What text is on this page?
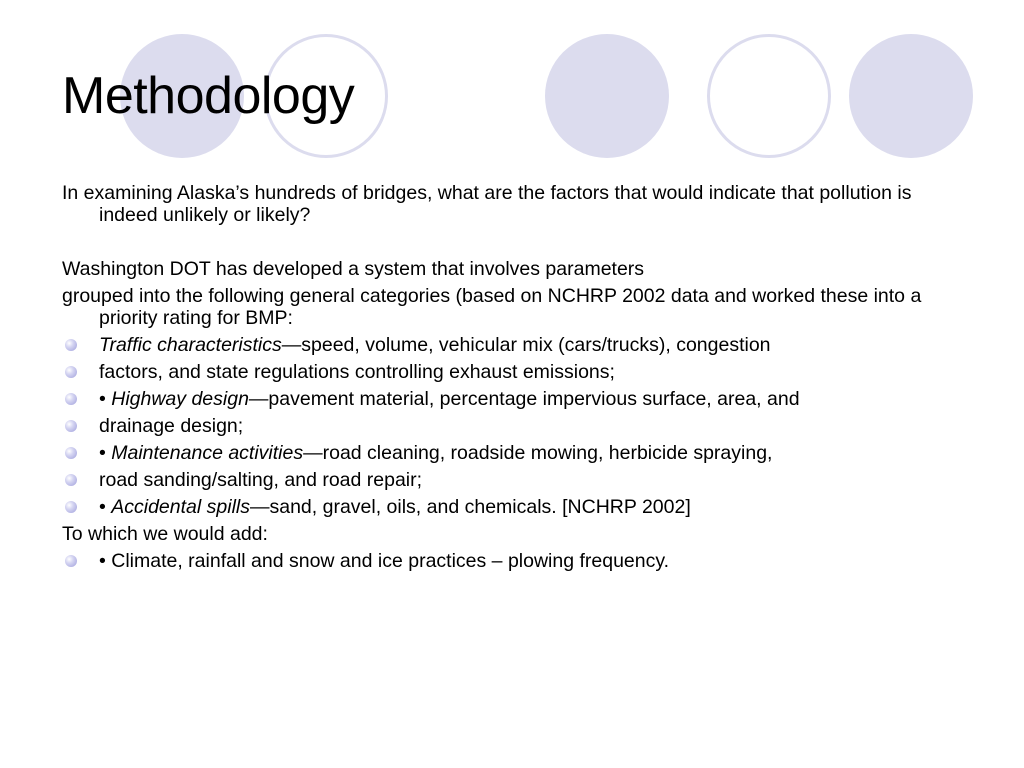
Methodology

In examining Alaska’s hundreds of bridges, what are the factors that would indicate that pollution is indeed unlikely or likely?

Washington DOT has developed a system that involves parameters

grouped into the following general categories (based on NCHRP 2002 data and worked these into a priority rating for BMP:

Traffic characteristics—speed, volume, vehicular mix (cars/trucks), congestion
factors, and state regulations controlling exhaust emissions;
• Highway design—pavement material, percentage impervious surface, area, and
drainage design;
• Maintenance activities—road cleaning, roadside mowing, herbicide spraying,
road sanding/salting, and road repair;
• Accidental spills—sand, gravel, oils, and chemicals. [NCHRP 2002]

To which we would add:

• Climate, rainfall and snow and ice practices – plowing frequency.
